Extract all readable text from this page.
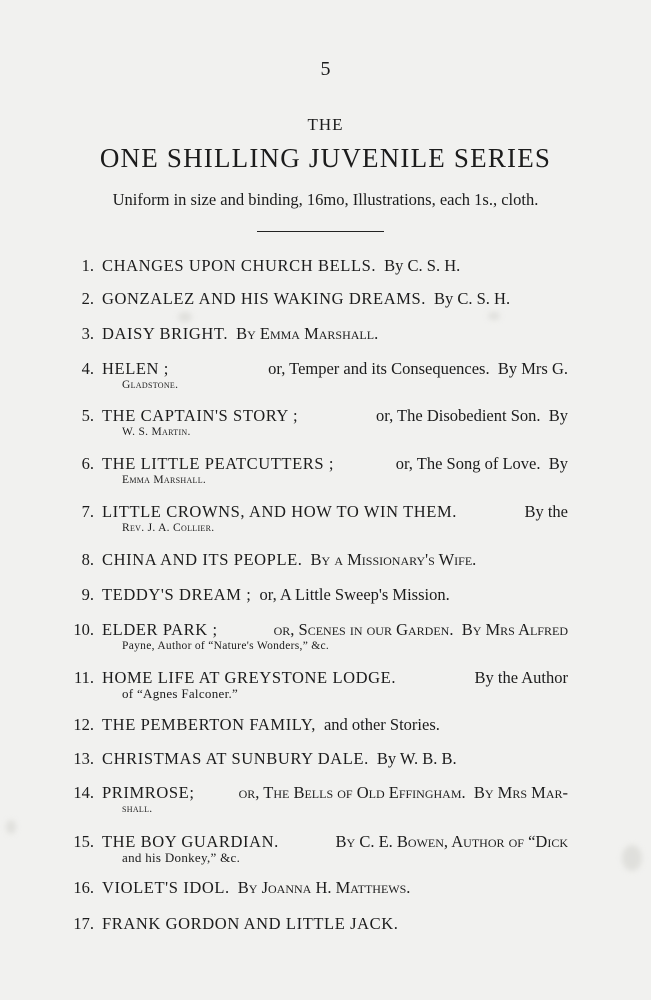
5
THE
ONE SHILLING JUVENILE SERIES
Uniform in size and binding, 16mo, Illustrations, each 1s., cloth.
1. CHANGES UPON CHURCH BELLS. By C. S. H.
2. GONZALEZ AND HIS WAKING DREAMS. By C. S. H.
3. DAISY BRIGHT. By Emma Marshall.
4. HELEN ;	or, Temper and its Consequences.  By Mrs G.
Gladstone.
5. THE CAPTAIN'S STORY ;	or, The Disobedient Son.  By
W. S. Martin.
6. THE LITTLE PEATCUTTERS ;	or, The Song of Love.  By
Emma Marshall.
7. LITTLE CROWNS, AND HOW TO WIN THEM.	By the
Rev. J. A. Collier.
8. CHINA AND ITS PEOPLE. By a Missionary's Wife.
9. TEDDY'S DREAM ; or, A Little Sweep's Mission.
10. ELDER PARK ;	or, Scenes in our Garden.  By Mrs Alfred
Payne, Author of “Nature's Wonders,” &c.
11. HOME LIFE AT GREYSTONE LODGE.	By the Author
of “Agnes Falconer.”
12. THE PEMBERTON FAMILY, and other Stories.
13. CHRISTMAS AT SUNBURY DALE. By W. B. B.
14. PRIMROSE;	or, The Bells of Old Effingham.  By Mrs Mar-
shall.
15. THE BOY GUARDIAN.	By C. E. Bowen, Author of “Dick
and his Donkey,” &c.
16. VIOLET'S IDOL. By Joanna H. Matthews.
17. FRANK GORDON AND LITTLE JACK.
